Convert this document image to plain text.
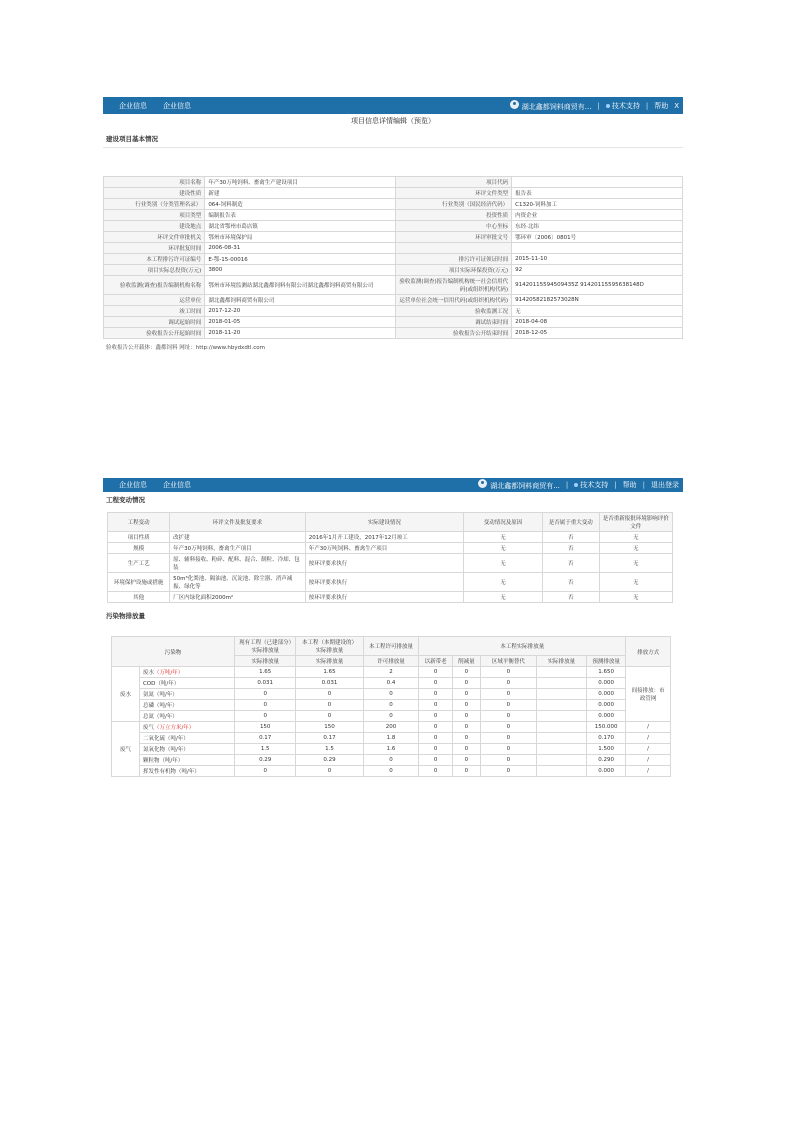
企业信息	企业信息	湖北鑫都饲料商贸有... |	技术支持 | 帮助 X
项目信息详情编辑（预览）
建设项目基本情况
项目名称	年产30万吨饲料、畜禽生产建设项目	项目代码	
建设性质	新建	环评文件类型	报告表
行业类别（分类管理名录）	064-饲料制造	行业类别（国民经济代码）	C1320-饲料加工
项目类型	编制报告表	投资性质	内资企业
建设地点	湖北省鄂州市葛店镇	中心坐标	东经·北纬
环评文件审批机关	鄂州市环境保护局	环评审批文号	鄂环审〔2006〕0801号
环评批复时间	2006-08-31		
本工程排污许可证编号	E-鄂-15-00016	排污许可证领证时间	2015-11-10
项目实际总投资(万元)	3800	项目实际环保投资(万元)	92
验收监测(调查)报告编制机构名称	鄂州市环境监测站湖北鑫都饲料有限公司湖北鑫都饲料商贸有限公司	验收监测(调查)报告编制机构统一社会信用代码(或组织机构代码)	91420115594509435Z 91420115595638148D
运营单位	湖北鑫都饲料商贸有限公司	运营单位社会统一信用代码(或组织机构代码)	91420582182573028N
竣工时间	2017-12-20	验收监测工况	无
调试起始时间	2018-01-05	调试结束时间	2018-04-08
验收报告公开起始时间	2018-11-20	验收报告公开结束时间	2018-12-05
验收报告公开载体：鑫都饲料 网址：http://www.hbydxdtl.com
企业信息	企业信息	湖北鑫都饲料商贸有... |	技术支持 | 帮助 | 退出登录
工程变动情况
工程变动	环评文件及批复要求	实际建设情况	变动情况及原因	是否属于重大变动	是否重新报批环境影响评价文件
项目性质	改扩建	2016年1月开工建设，2017年12月竣工	无	否	无
规模	年产30万吨饲料、畜禽生产项目	年产30万吨饲料、畜禽生产项目	无	否	无
生产工艺	原、辅料接收、粉碎、配料、混合、制粒、冷却、包装	按环评要求执行	无	否	无
环境保护设施或措施	50m³化粪池、隔油池、沉淀池、除尘器、消声减振、绿化等	按环评要求执行	无	否	无
其他	厂区内绿化面积2000m²	按环评要求执行	无	否	无
污染物排放量
污染物		现有工程（已建部分）实际排放量	本工程（本期建设的）实际排放量	本工程许可排放量	本工程实际排放量					排放方式
		实际排放量	实际排放量	许可排放量	以新带老	削减量	区域平衡替代	实际排放量	预测排放量	
废水	废水（万吨/年）	1.65	1.65	2	0	0	0		1.650	间接排放：市政管网
	COD（吨/年）	0.031	0.031	0.4	0	0	0		0.000	
	氨氮（吨/年）	0	0	0	0	0	0		0.000	
	总磷（吨/年）	0	0	0	0	0	0		0.000	
	总氮（吨/年）	0	0	0	0	0	0		0.000	
废气	废气（万立方米/年）	150	150	200	0	0	0		150.000	/
	二氧化硫（吨/年）	0.17	0.17	1.8	0	0	0		0.170	/
	氮氧化物（吨/年）	1.5	1.5	1.6	0	0	0		1.500	/
	颗粒物（吨/年）	0.29	0.29	0	0	0	0		0.290	/
	挥发性有机物（吨/年）	0	0	0	0	0	0		0.000	/
